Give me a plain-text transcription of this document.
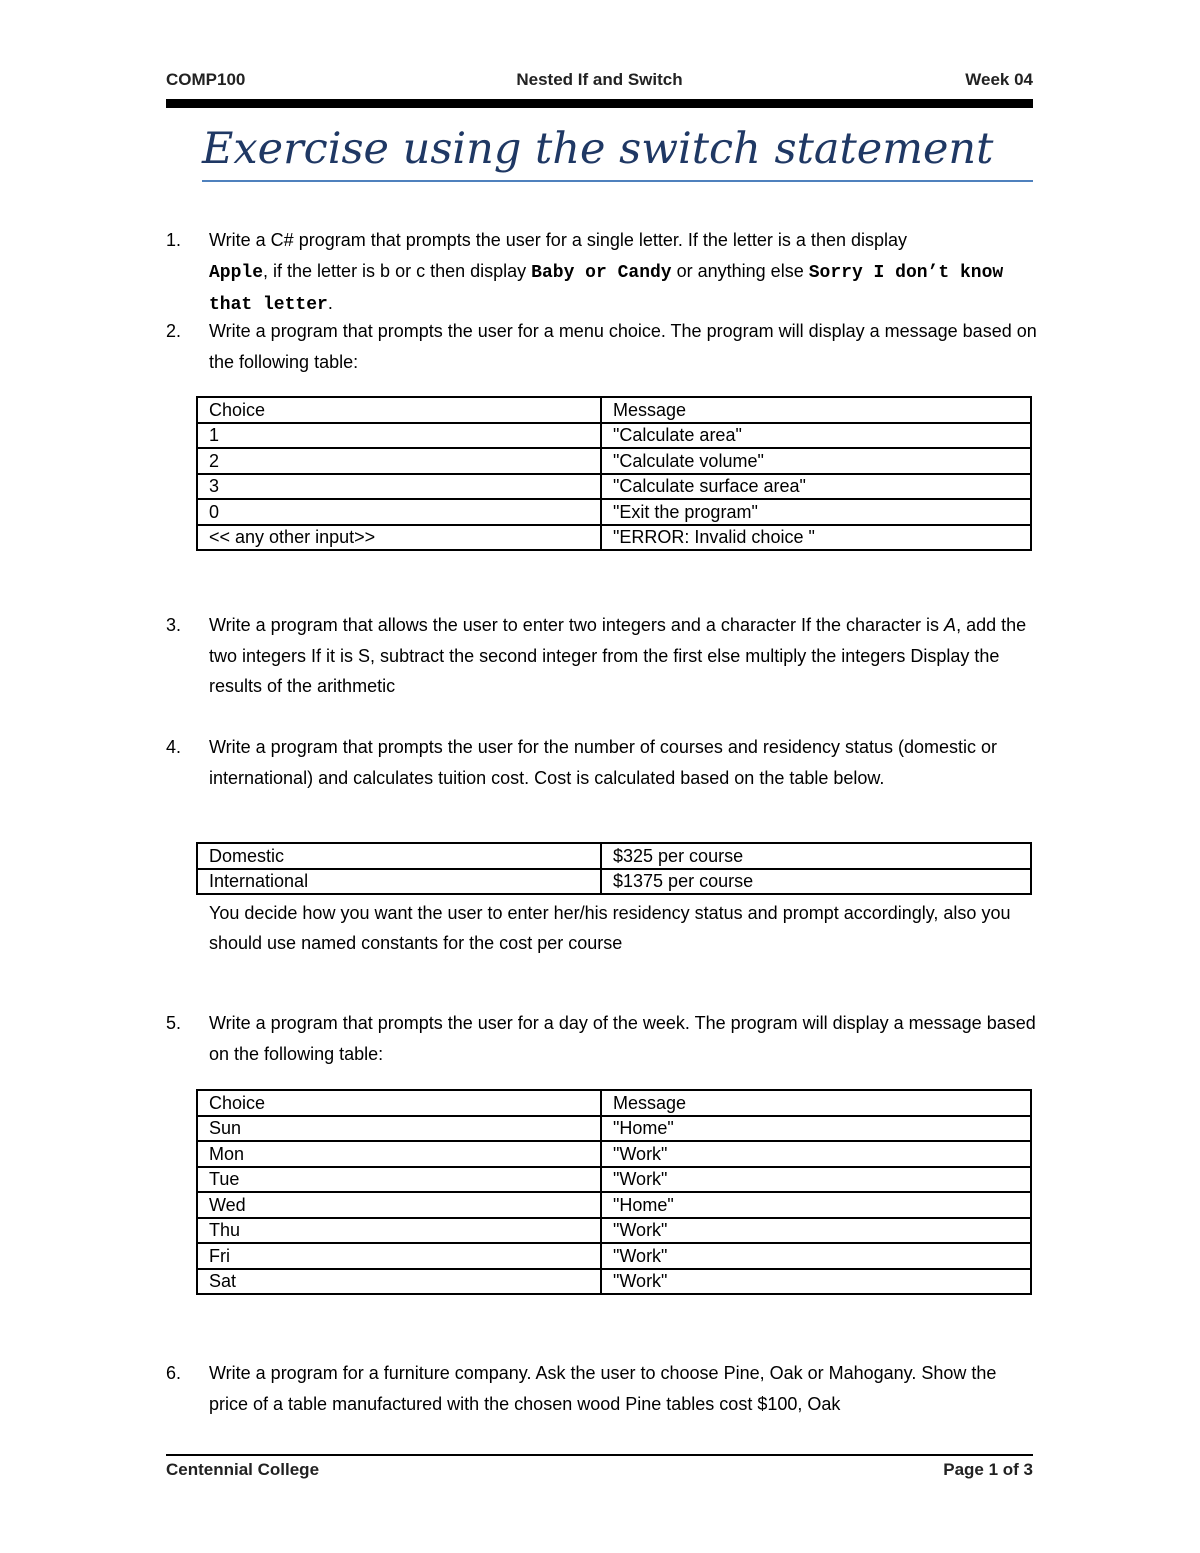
COMP100	Nested If and Switch	Week 04
Exercise using the switch statement
1. Write a C# program that prompts the user for a single letter. If the letter is a then display
Apple, if the letter is b or c then display Baby or Candy or anything else Sorry I don’t know that letter.
2. Write a program that prompts the user for a menu choice. The program will display a message based on the following table:
Choice	Message
1	"Calculate area"
2	"Calculate volume"
3	"Calculate surface area"
0	"Exit the program"
<< any other input>>	"ERROR: Invalid choice "
3. Write a program that allows the user to enter two integers and a character If the character is A, add the two integers If it is S, subtract the second integer from the first else multiply the integers Display the results of the arithmetic
4. Write a program that prompts the user for the number of courses and residency status (domestic or international) and calculates tuition cost. Cost is calculated based on the table below.
Domestic	$325 per course
International	$1375 per course
You decide how you want the user to enter her/his residency status and prompt accordingly, also you should use named constants for the cost per course
5. Write a program that prompts the user for a day of the week. The program will display a message based on the following table:
Choice	Message
Sun	"Home"
Mon	"Work"
Tue	"Work"
Wed	"Home"
Thu	"Work"
Fri	"Work"
Sat	"Work"
6. Write a program for a furniture company. Ask the user to choose Pine, Oak or Mahogany. Show the price of a table manufactured with the chosen wood Pine tables cost $100, Oak
Centennial College	Page 1 of 3
